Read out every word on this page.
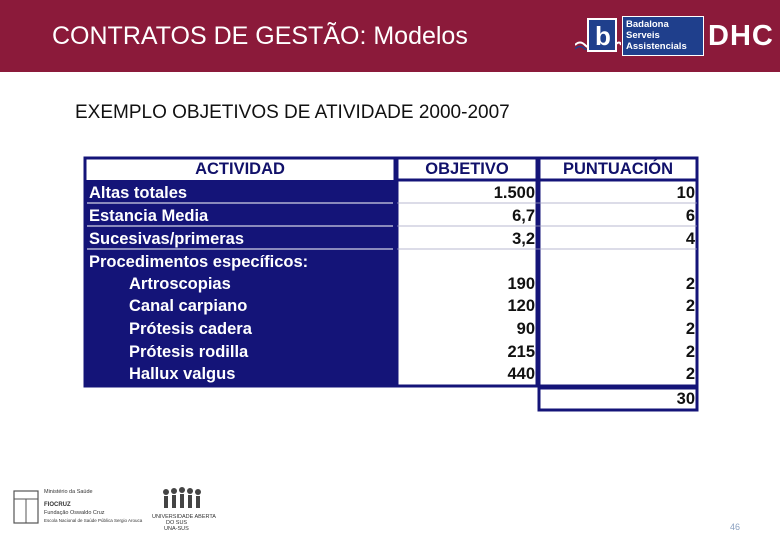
CONTRATOS DE GESTÃO: Modelos	b Badalona
Serveis
Assistencials DHC
EXEMPLO OBJETIVOS DE ATIVIDADE 2000-2007
ACTIVIDAD	OBJETIVO	PUNTUACIÓN
Altas totales	1.500	10
Estancia Media	6,7	6
Sucesivas/primeras	3,2	4
Procedimentos específicos:
Artroscopias	190	2
Canal carpiano	120	2
Prótesis cadera	90	2
Prótesis rodilla	215	2
Hallux valgus	440	2
30
Ministério da Saúde
FIOCRUZ
Fundação Oswaldo Cruz
Escola Nacional de Saúde Pública Sergio Arouca
UNIVERSIDADE ABERTA
DO SUS
UNA-SUS	46
